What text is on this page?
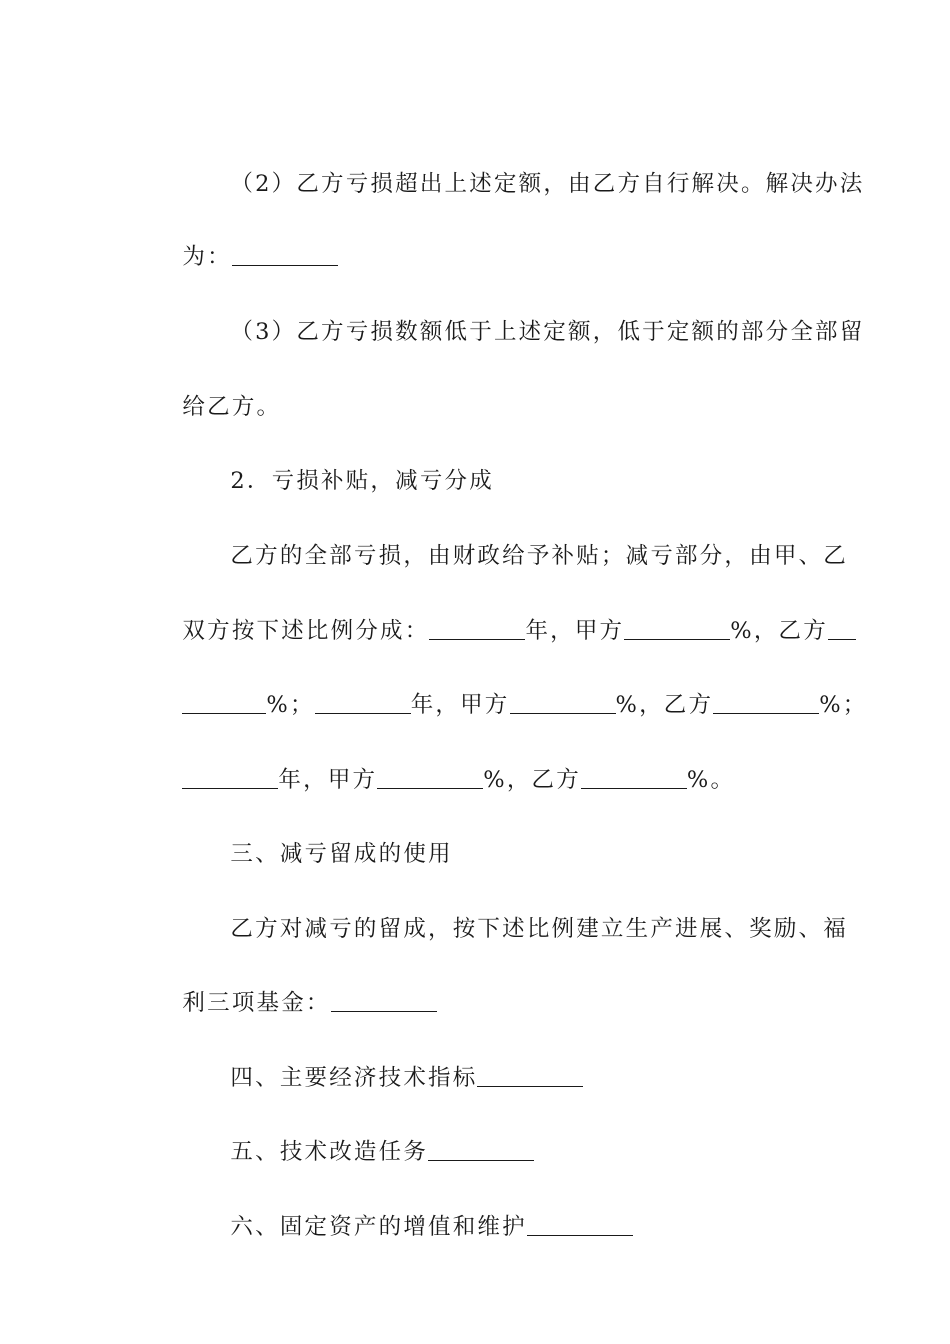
（2）乙方亏损超出上述定额，由乙方自行解决。解决办法

为：

（3）乙方亏损数额低于上述定额，低于定额的部分全部留

给乙方。

2．亏损补贴，减亏分成

乙方的全部亏损，由财政给予补贴；减亏部分，由甲、乙

双方按下述比例分成：	年，甲方	%，乙方

%；	年，甲方	%，乙方	%；

年，甲方	%，乙方	%。

三、减亏留成的使用

乙方对减亏的留成，按下述比例建立生产进展、奖励、福

利三项基金：

四、主要经济技术指标

五、技术改造任务

六、固定资产的增值和维护
